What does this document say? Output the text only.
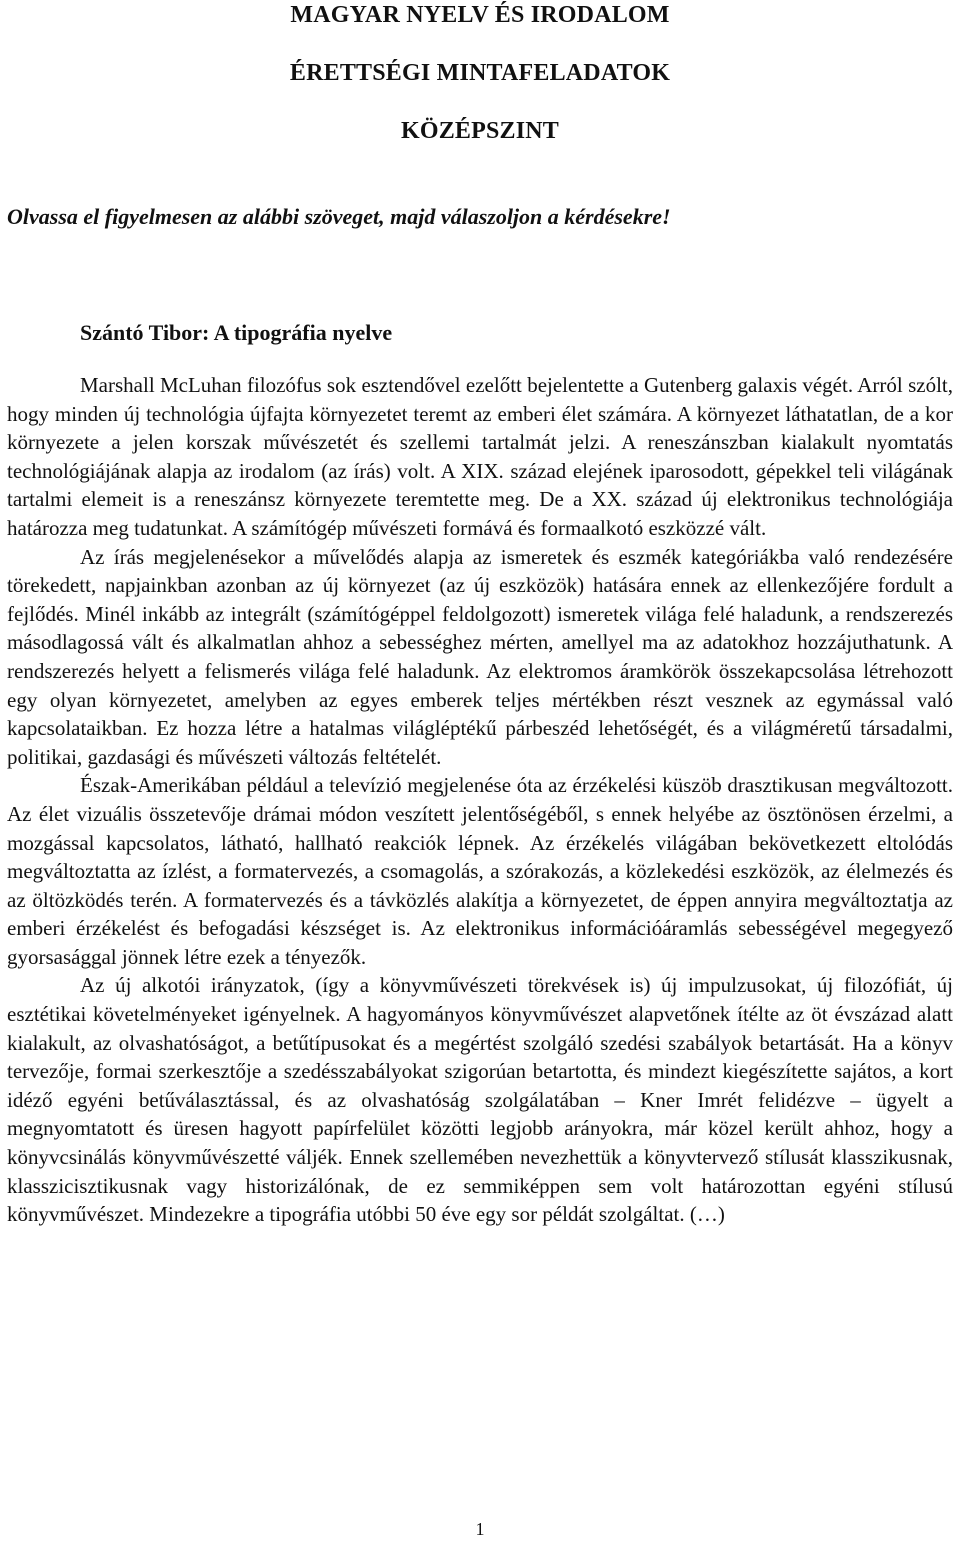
MAGYAR NYELV ÉS IRODALOM
ÉRETTSÉGI MINTAFELADATOK
KÖZÉPSZINT

Olvassa el figyelmesen az alábbi szöveget, majd válaszoljon a kérdésekre!

Szántó Tibor: A tipográfia nyelve

Marshall McLuhan filozófus sok esztendővel ezelőtt bejelentette a Gutenberg galaxis végét. Arról szólt, hogy minden új technológia újfajta környezetet teremt az emberi élet számára. A környezet láthatatlan, de a kor környezete a jelen korszak művészetét és szellemi tartalmát jelzi. A reneszánszban kialakult nyomtatás technológiájának alapja az irodalom (az írás) volt. A XIX. század elejének iparosodott, gépekkel teli világának tartalmi elemeit is a reneszánsz környezete teremtette meg. De a XX. század új elektronikus technológiája határozza meg tudatunkat. A számítógép művészeti formává és formaalkotó eszközzé vált.

Az írás megjelenésekor a művelődés alapja az ismeretek és eszmék kategóriákba való rendezésére törekedett, napjainkban azonban az új környezet (az új eszközök) hatására ennek az ellenkezőjére fordult a fejlődés. Minél inkább az integrált (számítógéppel feldolgozott) ismeretek világa felé haladunk, a rendszerezés másodlagossá vált és alkalmatlan ahhoz a sebességhez mérten, amellyel ma az adatokhoz hozzájuthatunk. A rendszerezés helyett a felismerés világa felé haladunk. Az elektromos áramkörök összekapcsolása létrehozott egy olyan környezetet, amelyben az egyes emberek teljes mértékben részt vesznek az egymással való kapcsolataikban. Ez hozza létre a hatalmas világléptékű párbeszéd lehetőségét, és a világméretű társadalmi, politikai, gazdasági és művészeti változás feltételét.

Észak-Amerikában például a televízió megjelenése óta az érzékelési küszöb drasztikusan megváltozott. Az élet vizuális összetevője drámai módon veszített jelentőségéből, s ennek helyébe az ösztönösen érzelmi, a mozgással kapcsolatos, látható, hallható reakciók lépnek. Az érzékelés világában bekövetkezett eltolódás megváltoztatta az ízlést, a formatervezés, a csomagolás, a szórakozás, a közlekedési eszközök, az élelmezés és az öltözködés terén. A formatervezés és a távközlés alakítja a környezetet, de éppen annyira megváltoztatja az emberi érzékelést és befogadási készséget is. Az elektronikus információáramlás sebességével megegyező gyorsasággal jönnek létre ezek a tényezők.

Az új alkotói irányzatok, (így a könyvművészeti törekvések is) új impulzusokat, új filozófiát, új esztétikai követelményeket igényelnek. A hagyományos könyvművészet alapvetőnek ítélte az öt évszázad alatt kialakult, az olvashatóságot, a betűtípusokat és a megértést szolgáló szedési szabályok betartását. Ha a könyv tervezője, formai szerkesztője a szedésszabályokat szigorúan betartotta, és mindezt kiegészítette sajátos, a kort idéző egyéni betűválasztással, és az olvashatóság szolgálatában – Kner Imrét felidézve – ügyelt a megnyomtatott és üresen hagyott papírfelület közötti legjobb arányokra, már közel került ahhoz, hogy a könyvcsinálás könyvművészetté váljék. Ennek szellemében nevezhettük a könyvtervező stílusát klasszikusnak, klasszicisztikusnak vagy historizálónak, de ez semmiképpen sem volt határozottan egyéni stílusú könyvművészet. Mindezekre a tipográfia utóbbi 50 éve egy sor példát szolgáltat. (…)

1
